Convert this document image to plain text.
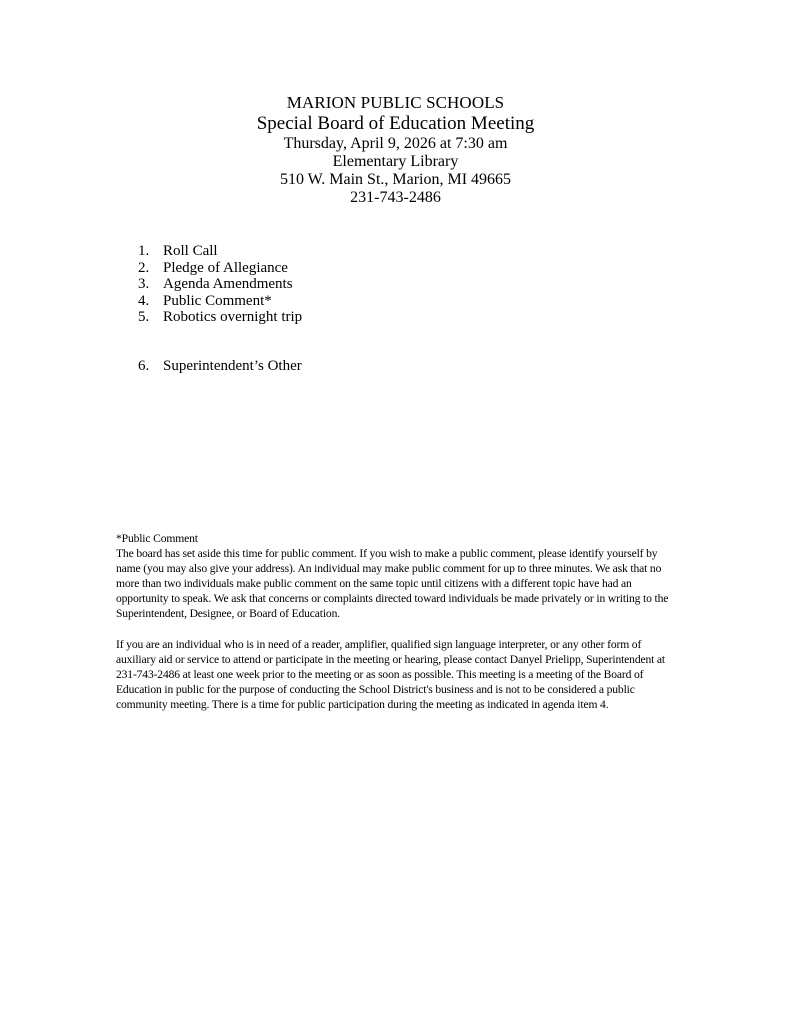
MARION PUBLIC SCHOOLS
Special Board of Education Meeting
Thursday, April 9, 2026 at 7:30 am
Elementary Library
510 W. Main St., Marion, MI 49665
231-743-2486
1. Roll Call
2. Pledge of Allegiance
3. Agenda Amendments
4. Public Comment*
5. Robotics overnight trip
6. Superintendent’s Other

*Public Comment

The board has set aside this time for public comment. If you wish to make a public comment, please identify yourself by name (you may also give your address). An individual may make public comment for up to three minutes. We ask that no more than two individuals make public comment on the same topic until citizens with a different topic have had an opportunity to speak. We ask that concerns or complaints directed toward individuals be made privately or in writing to the Superintendent, Designee, or Board of Education.

If you are an individual who is in need of a reader, amplifier, qualified sign language interpreter, or any other form of auxiliary aid or service to attend or participate in the meeting or hearing, please contact Danyel Prielipp, Superintendent at 231-743-2486 at least one week prior to the meeting or as soon as possible. This meeting is a meeting of the Board of Education in public for the purpose of conducting the School District's business and is not to be considered a public community meeting. There is a time for public participation during the meeting as indicated in agenda item 4.
